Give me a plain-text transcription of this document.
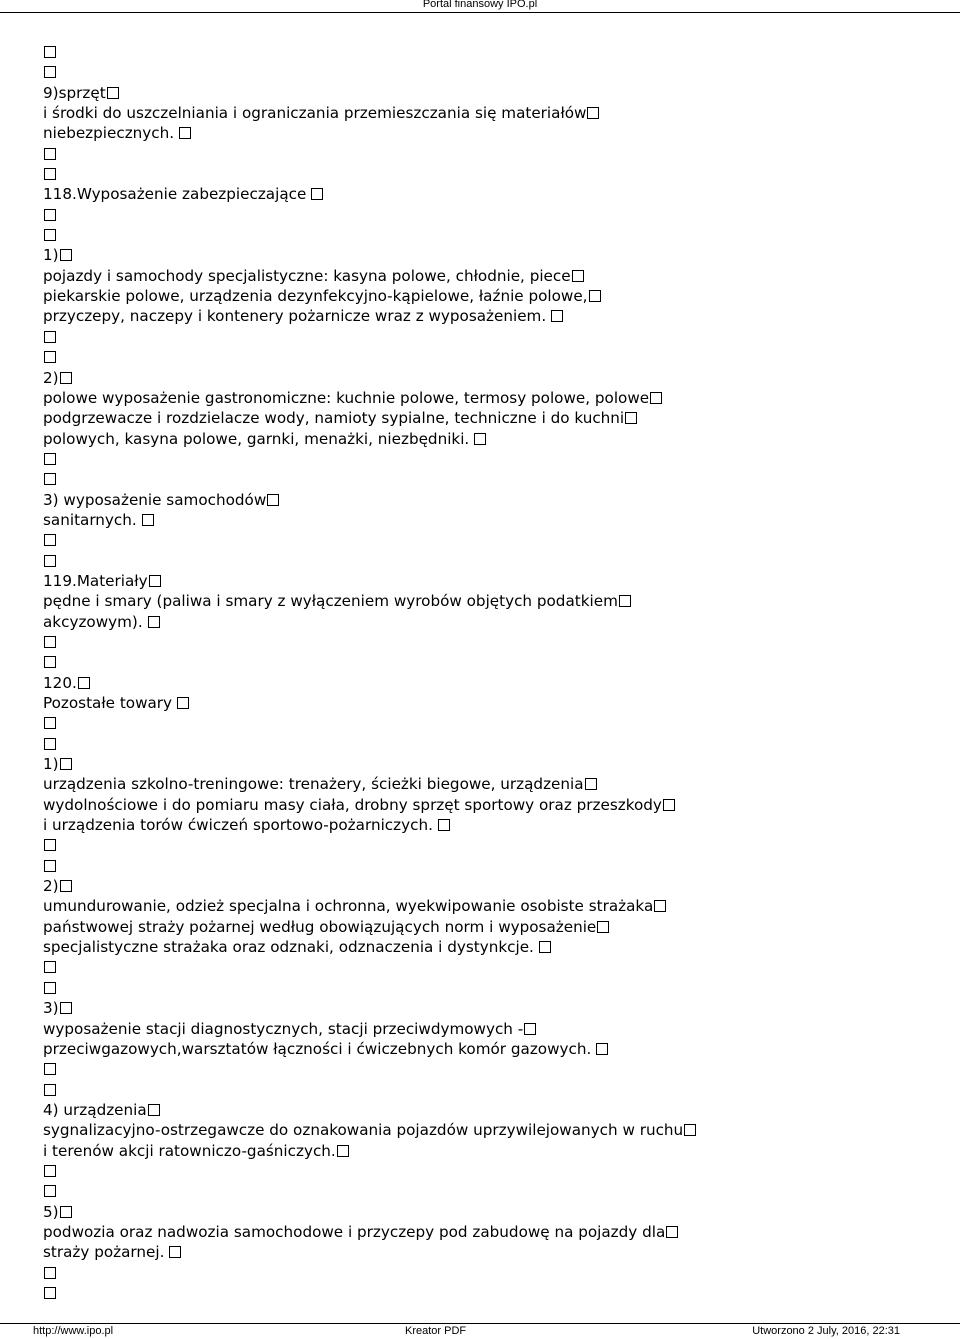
Portal finansowy IPO.pl
9)sprzęt
i środki do uszczelniania i ograniczania przemieszczania się materiałów
niebezpiecznych.
118.Wyposażenie zabezpieczające
1)
pojazdy i samochody specjalistyczne: kasyna polowe, chłodnie, piece
piekarskie polowe, urządzenia dezynfekcyjno-kąpielowe, łaźnie polowe,
przyczepy, naczepy i kontenery pożarnicze wraz z wyposażeniem.
2)
polowe wyposażenie gastronomiczne: kuchnie polowe, termosy polowe, polowe
podgrzewacze i rozdzielacze wody, namioty sypialne, techniczne i do kuchni
polowych, kasyna polowe, garnki, menażki, niezbędniki.
3) wyposażenie samochodów
sanitarnych.
119.Materiały
pędne i smary (paliwa i smary z wyłączeniem wyrobów objętych podatkiem
akcyzowym).
120.
Pozostałe towary
1)
urządzenia szkolno-treningowe: trenażery, ścieżki biegowe, urządzenia
wydolnościowe i do pomiaru masy ciała, drobny sprzęt sportowy oraz przeszkody
i urządzenia torów ćwiczeń sportowo-pożarniczych.
2)
umundurowanie, odzież specjalna i ochronna, wyekwipowanie osobiste strażaka
państwowej straży pożarnej według obowiązujących norm i wyposażenie
specjalistyczne strażaka oraz odznaki, odznaczenia i dystynkcje.
3)
wyposażenie stacji diagnostycznych, stacji przeciwdymowych -
przeciwgazowych,warsztatów łączności i ćwiczebnych komór gazowych.
4) urządzenia
sygnalizacyjno-ostrzegawcze do oznakowania pojazdów uprzywilejowanych w ruchu
i terenów akcji ratowniczo-gaśniczych.
5)
podwozia oraz nadwozia samochodowe i przyczepy pod zabudowę na pojazdy dla
straży pożarnej.
http://www.ipo.pl	Kreator PDF	Utworzono 2 July, 2016, 22:31
